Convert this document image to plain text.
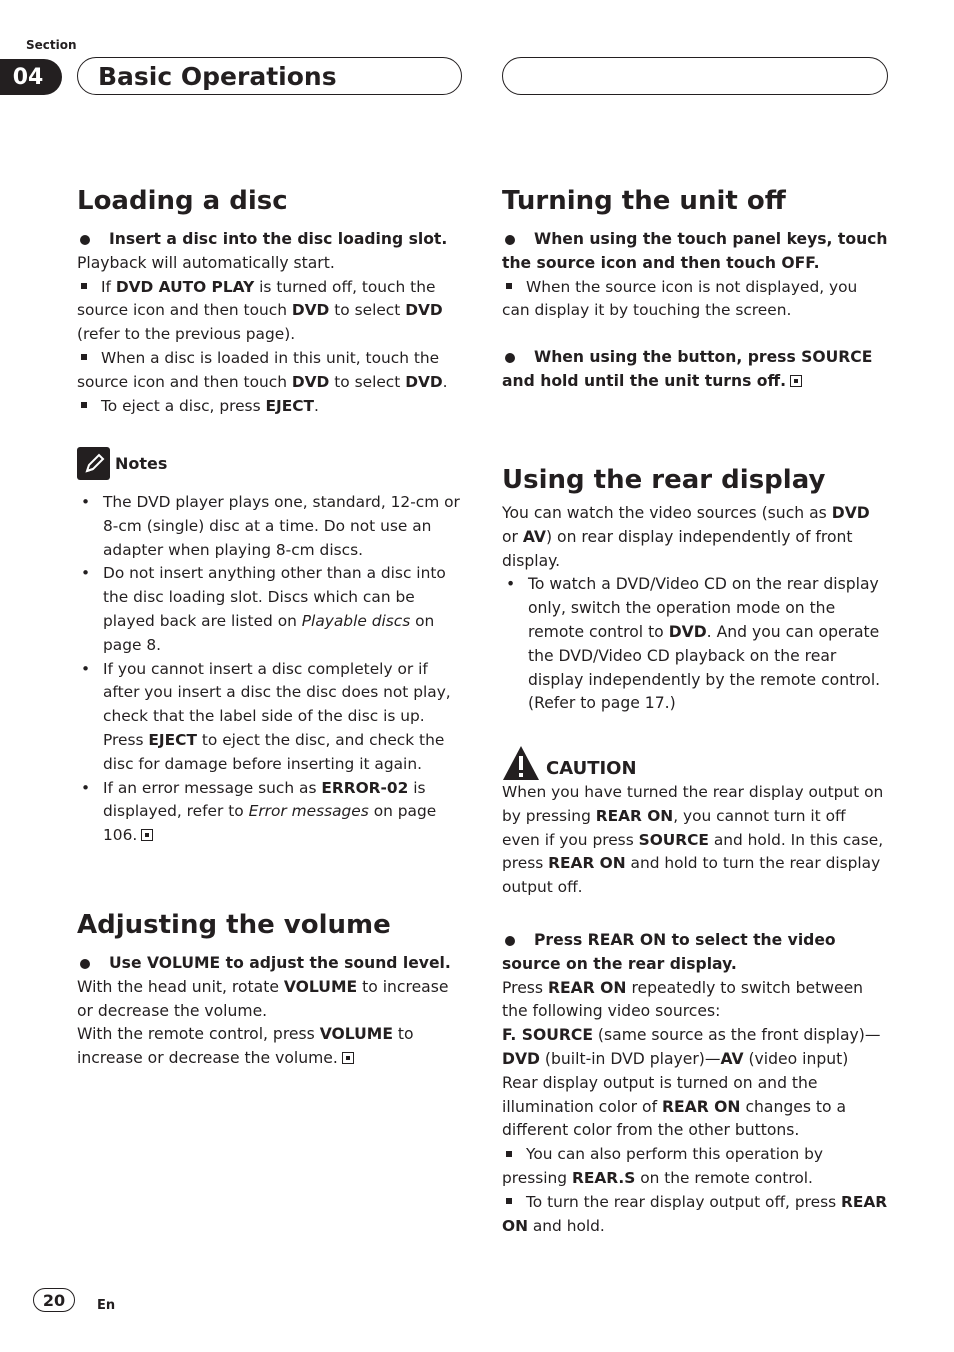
Section
04	Basic Operations
Loading a disc

Insert a disc into the disc loading slot.

Playback will automatically start.

If DVD AUTO PLAY is turned off, touch the source icon and then touch DVD to select DVD (refer to the previous page).

When a disc is loaded in this unit, touch the source icon and then touch DVD to select DVD.

To eject a disc, press EJECT.

Notes

• The DVD player plays one, standard, 12-cm or 8-cm (single) disc at a time. Do not use an adapter when playing 8-cm discs.

• Do not insert anything other than a disc into the disc loading slot. Discs which can be played back are listed on Playable discs on page 8.

• If you cannot insert a disc completely or if after you insert a disc the disc does not play, check that the label side of the disc is up. Press EJECT to eject the disc, and check the disc for damage before inserting it again.

• If an error message such as ERROR-02 is displayed, refer to Error messages on page 106.

Adjusting the volume

Use VOLUME to adjust the sound level.

With the head unit, rotate VOLUME to increase or decrease the volume.

With the remote control, press VOLUME to increase or decrease the volume.

Turning the unit off

When using the touch panel keys, touch the source icon and then touch OFF.

When the source icon is not displayed, you can display it by touching the screen.

When using the button, press SOURCE and hold until the unit turns off.

Using the rear display

You can watch the video sources (such as DVD or AV) on rear display independently of front display.

• To watch a DVD/Video CD on the rear display only, switch the operation mode on the remote control to DVD. And you can operate the DVD/Video CD playback on the rear display independently by the remote control. (Refer to page 17.)

CAUTION

When you have turned the rear display output on by pressing REAR ON, you cannot turn it off even if you press SOURCE and hold. In this case, press REAR ON and hold to turn the rear display output off.

Press REAR ON to select the video source on the rear display.

Press REAR ON repeatedly to switch between the following video sources:

F. SOURCE (same source as the front display)—DVD (built-in DVD player)—AV (video input)

Rear display output is turned on and the illumination color of REAR ON changes to a different color from the other buttons.

You can also perform this operation by pressing REAR.S on the remote control.

To turn the rear display output off, press REAR ON and hold.

20	En
